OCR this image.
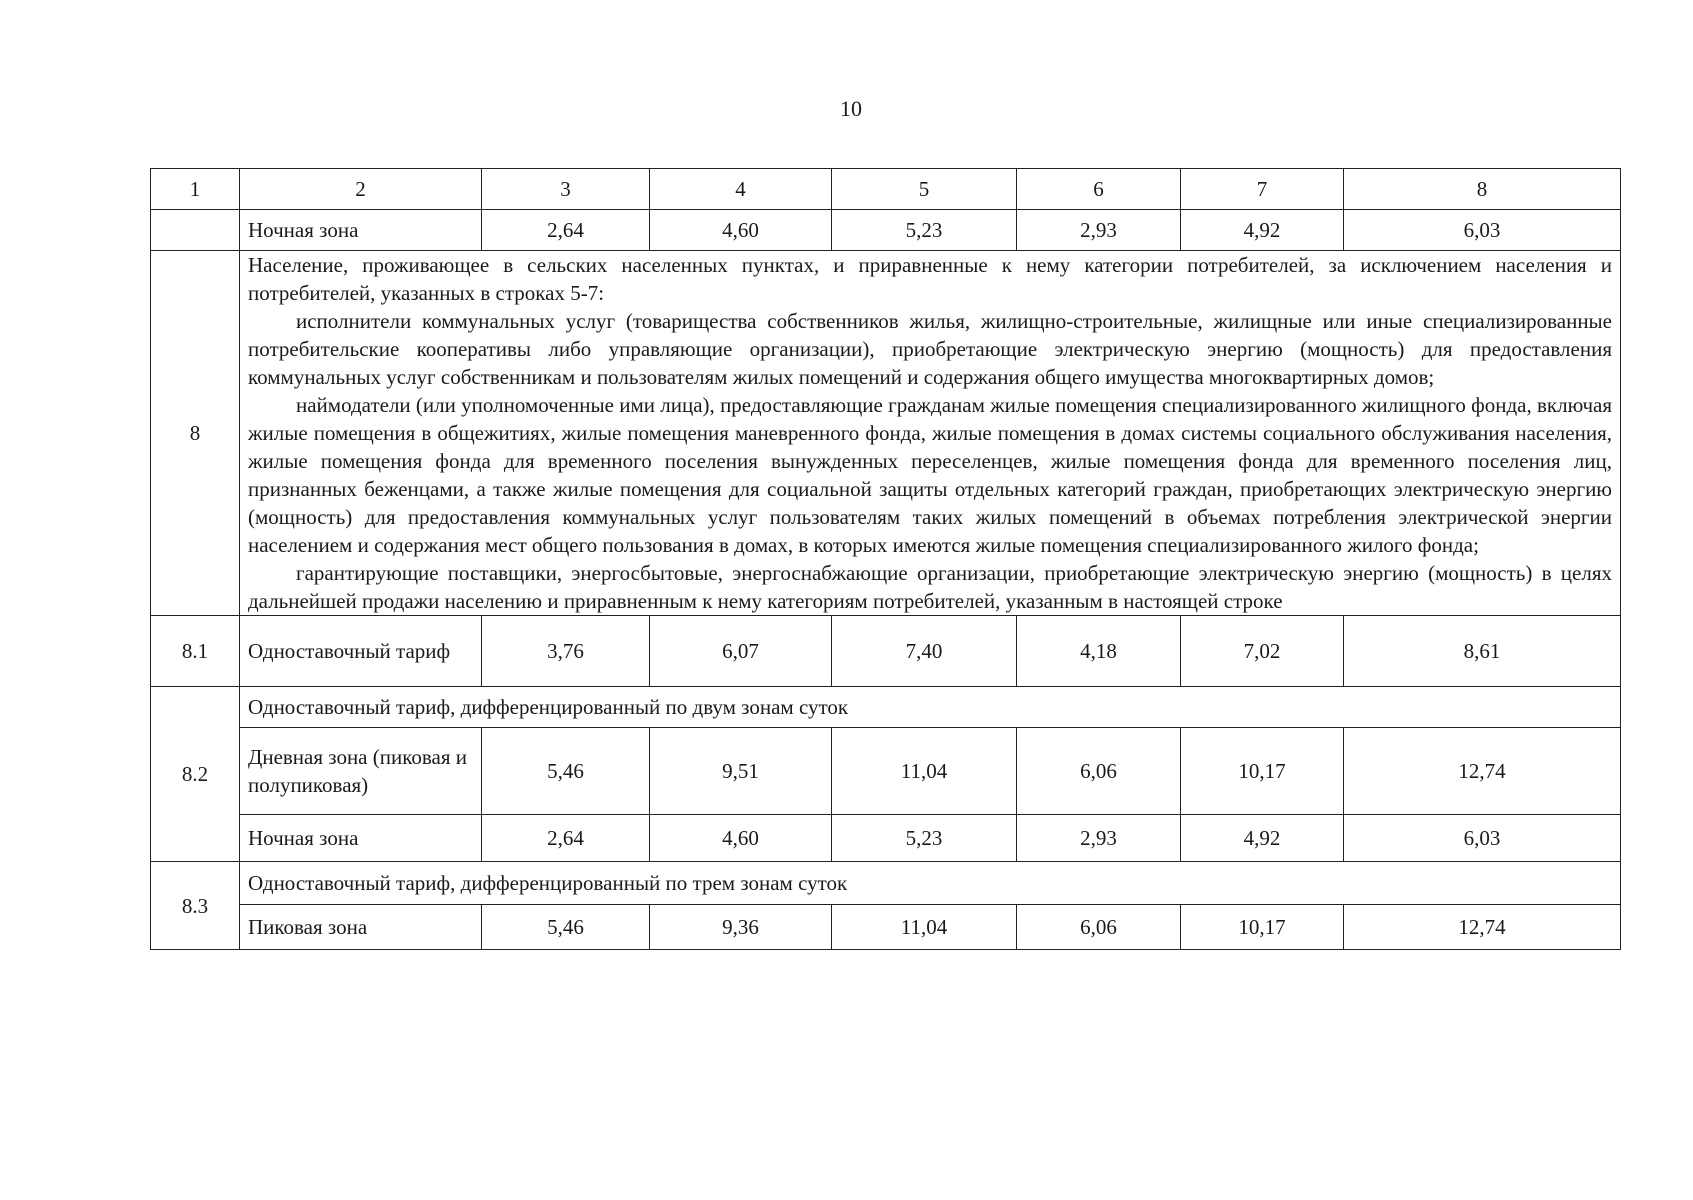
10
1	2	3	4	5	6	7	8
	Ночная зона	2,64	4,60	5,23	2,93	4,92	6,03
8	Население, проживающее в сельских населенных пунктах, и приравненные к нему категории потребителей, за исключением населения и потребителей, указанных в строках 5-7:

исполнители коммунальных услуг (товарищества собственников жилья, жилищно-строительные, жилищные или иные специализированные потребительские кооперативы либо управляющие организации), приобретающие электрическую энергию (мощность) для предоставления коммунальных услуг собственникам и пользователям жилых помещений и содержания общего имущества многоквартирных домов;

наймодатели (или уполномоченные ими лица), предоставляющие гражданам жилые помещения специализированного жилищного фонда, включая жилые помещения в общежитиях, жилые помещения маневренного фонда, жилые помещения в домах системы социального обслуживания населения, жилые помещения фонда для временного поселения вынужденных переселенцев, жилые помещения фонда для временного поселения лиц, признанных беженцами, а также жилые помещения для социальной защиты отдельных категорий граждан, приобретающих электрическую энергию (мощность) для предоставления коммунальных услуг пользователям таких жилых помещений в объемах потребления электрической энергии населением и содержания мест общего пользования в домах, в которых имеются жилые помещения специализированного жилого фонда;

гарантирующие поставщики, энергосбытовые, энергоснабжающие организации, приобретающие электрическую энергию (мощность) в целях дальнейшей продажи населению и приравненным к нему категориям потребителей, указанным в настоящей строке						

8.1	Одноставочный тариф	3,76	6,07	7,40	4,18	7,02	8,61
8.2	Одноставочный тариф, дифференцированный по двум зонам суток						
	Дневная зона (пиковая и полупиковая)	5,46	9,51	11,04	6,06	10,17	12,74
	Ночная зона	2,64	4,60	5,23	2,93	4,92	6,03
8.3	Одноставочный тариф, дифференцированный по трем зонам суток						
	Пиковая зона	5,46	9,36	11,04	6,06	10,17	12,74
